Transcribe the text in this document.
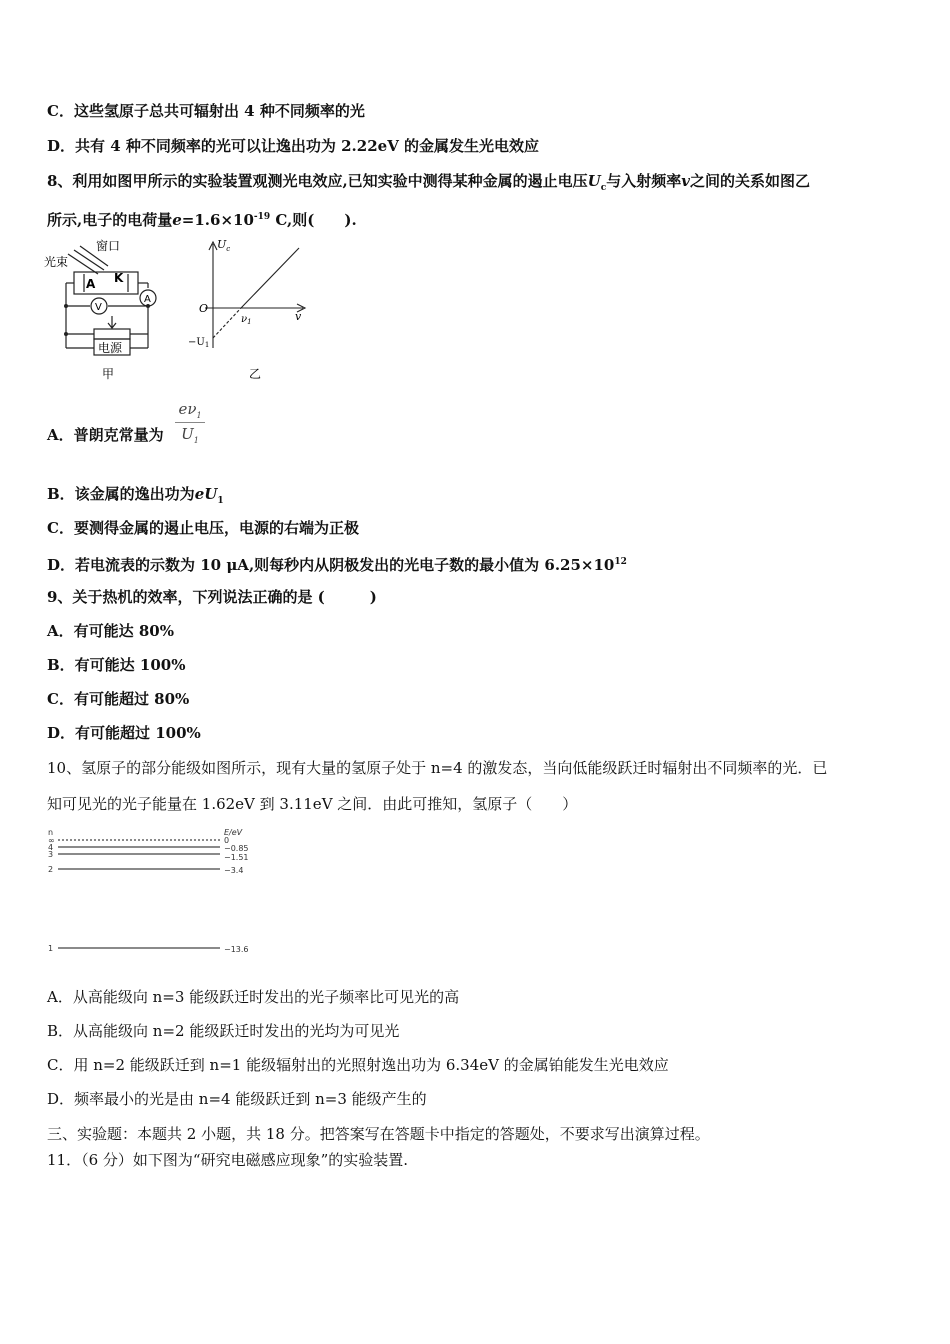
C．这些氢原子总共可辐射出 4 种不同频率的光
D．共有 4 种不同频率的光可以让逸出功为 2.22eV 的金属发生光电效应
8、利用如图甲所示的实验装置观测光电效应,已知实验中测得某种金属的遏止电压$U_c$与入射频率v之间的关系如图乙
所示,电子的电荷量$e=1.6\times 10^{-19}$ C,则(　　).
窗口
光束
A K
V
A
电源
甲
$U_c$
O
v
$\nu_1$
$-U_1$
乙
A．普朗克常量为 $\frac{e\nu_1}{U_1}$
B．该金属的逸出功为$eU_1$
C．要测得金属的遏止电压，电源的右端为正极
D．若电流表的示数为 10 μA,则每秒内从阴极发出的光电子数的最小值为 $6.25\times 10^{12}$
9、关于热机的效率，下列说法正确的是 (　　　)
A．有可能达 80%
B．有可能达 100%
C．有可能超过 80%
D．有可能超过 100%
10、氢原子的部分能级如图所示，现有大量的氢原子处于 n=4 的激发态，当向低能级跃迁时辐射出不同频率的光．已
知可见光的光子能量在 1.62eV 到 3.11eV 之间．由此可推知，氢原子（　　）
n	E/eV
∞	0
4	−0.85
3	−1.51
2	−3.4
1	−13.6
A．从高能级向 n=3 能级跃迁时发出的光子频率比可见光的高
B．从高能级向 n=2 能级跃迁时发出的光均为可见光
C．用 n=2 能级跃迁到 n=1 能级辐射出的光照射逸出功为 6.34eV 的金属铂能发生光电效应
D．频率最小的光是由 n=4 能级跃迁到 n=3 能级产生的
三、实验题：本题共 2 小题，共 18 分。把答案写在答题卡中指定的答题处，不要求写出演算过程。
11．（6 分）如下图为“研究电磁感应现象”的实验装置.
